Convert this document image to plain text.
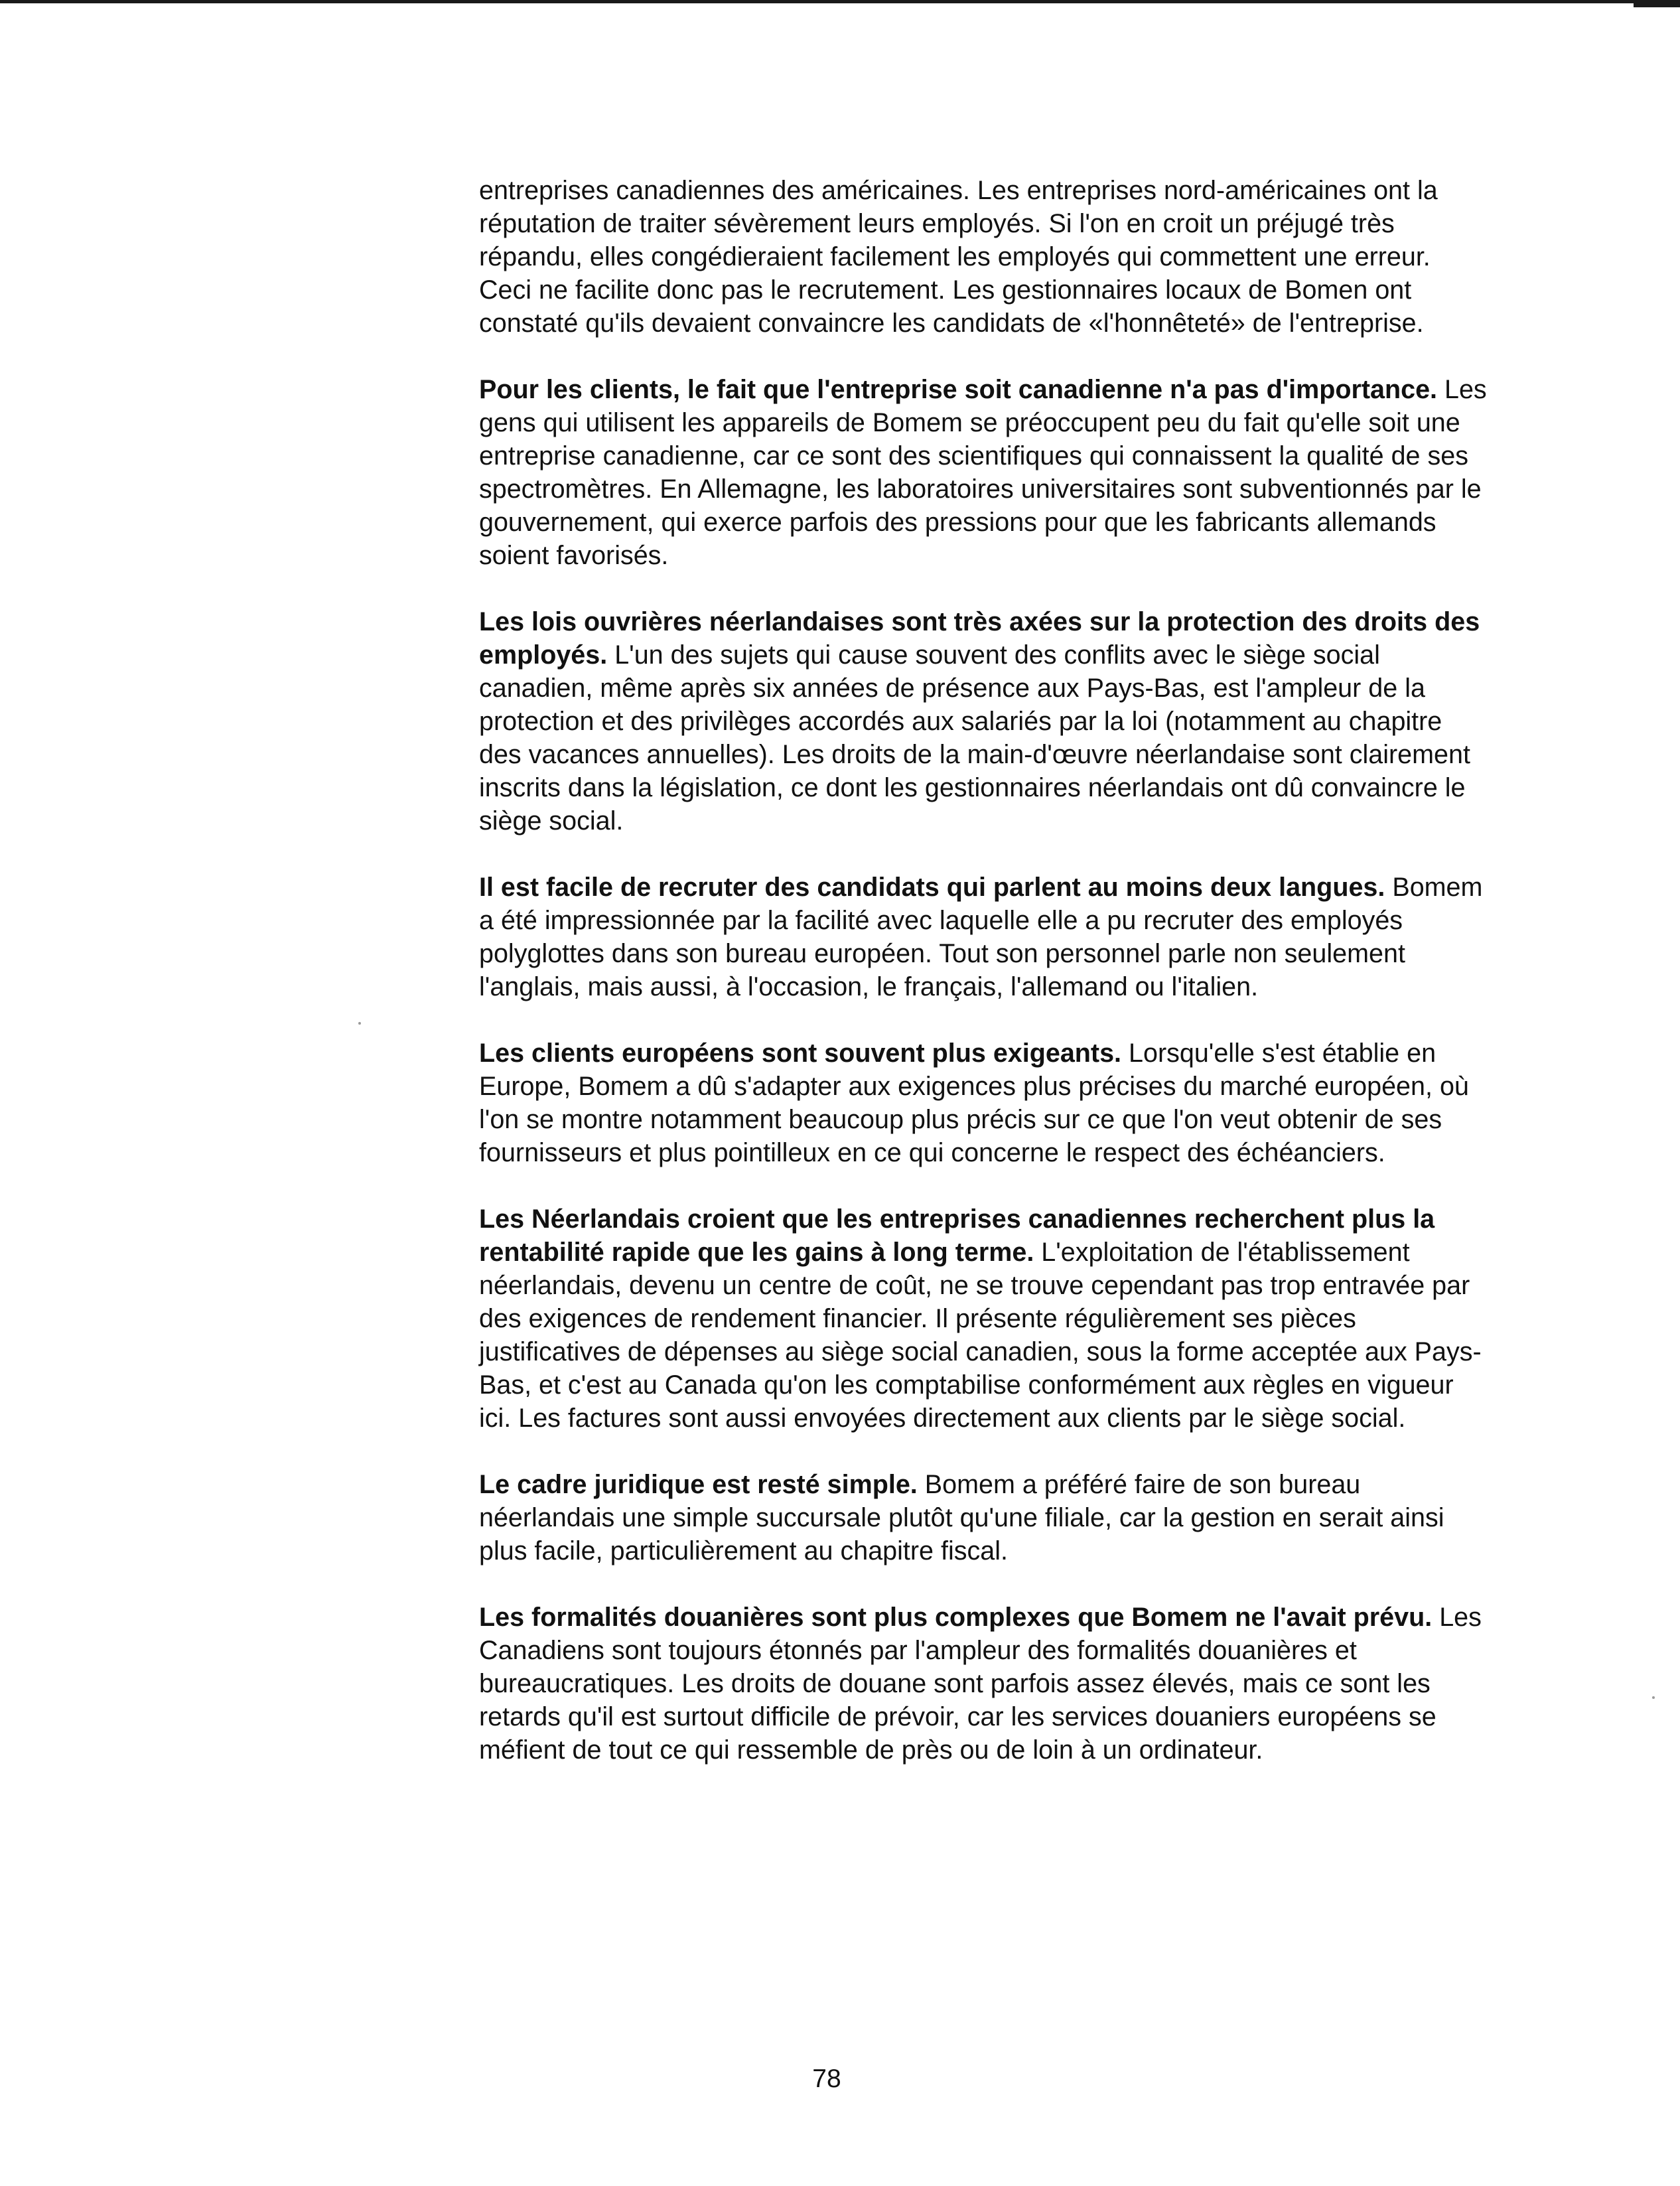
entreprises canadiennes des américaines. Les entreprises nord-américaines ont la réputation de traiter sévèrement leurs employés. Si l'on en croit un préjugé très répandu, elles congédieraient facilement les employés qui commettent une erreur. Ceci ne facilite donc pas le recrutement. Les gestionnaires locaux de Bomen ont constaté qu'ils devaient convaincre les candidats de «l'honnêteté» de l'entreprise.

Pour les clients, le fait que l'entreprise soit canadienne n'a pas d'importance. Les gens qui utilisent les appareils de Bomem se préoccupent peu du fait qu'elle soit une entreprise canadienne, car ce sont des scientifiques qui connaissent la qualité de ses spectromètres. En Allemagne, les laboratoires universitaires sont subventionnés par le gouvernement, qui exerce parfois des pressions pour que les fabricants allemands soient favorisés.

Les lois ouvrières néerlandaises sont très axées sur la protection des droits des employés. L'un des sujets qui cause souvent des conflits avec le siège social canadien, même après six années de présence aux Pays-Bas, est l'ampleur de la protection et des privilèges accordés aux salariés par la loi (notamment au chapitre des vacances annuelles). Les droits de la main-d'œuvre néerlandaise sont clairement inscrits dans la législation, ce dont les gestionnaires néerlandais ont dû convaincre le siège social.

Il est facile de recruter des candidats qui parlent au moins deux langues. Bomem a été impressionnée par la facilité avec laquelle elle a pu recruter des employés polyglottes dans son bureau européen. Tout son personnel parle non seulement l'anglais, mais aussi, à l'occasion, le français, l'allemand ou l'italien.

Les clients européens sont souvent plus exigeants. Lorsqu'elle s'est établie en Europe, Bomem a dû s'adapter aux exigences plus précises du marché européen, où l'on se montre notamment beaucoup plus précis sur ce que l'on veut obtenir de ses fournisseurs et plus pointilleux en ce qui concerne le respect des échéanciers.

Les Néerlandais croient que les entreprises canadiennes recherchent plus la rentabilité rapide que les gains à long terme. L'exploitation de l'établissement néerlandais, devenu un centre de coût, ne se trouve cependant pas trop entravée par des exigences de rendement financier. Il présente régulièrement ses pièces justificatives de dépenses au siège social canadien, sous la forme acceptée aux Pays-Bas, et c'est au Canada qu'on les comptabilise conformément aux règles en vigueur ici. Les factures sont aussi envoyées directement aux clients par le siège social.

Le cadre juridique est resté simple. Bomem a préféré faire de son bureau néerlandais une simple succursale plutôt qu'une filiale, car la gestion en serait ainsi plus facile, particulièrement au chapitre fiscal.

Les formalités douanières sont plus complexes que Bomem ne l'avait prévu. Les Canadiens sont toujours étonnés par l'ampleur des formalités douanières et bureaucratiques. Les droits de douane sont parfois assez élevés, mais ce sont les retards qu'il est surtout difficile de prévoir, car les services douaniers européens se méfient de tout ce qui ressemble de près ou de loin à un ordinateur.

78
